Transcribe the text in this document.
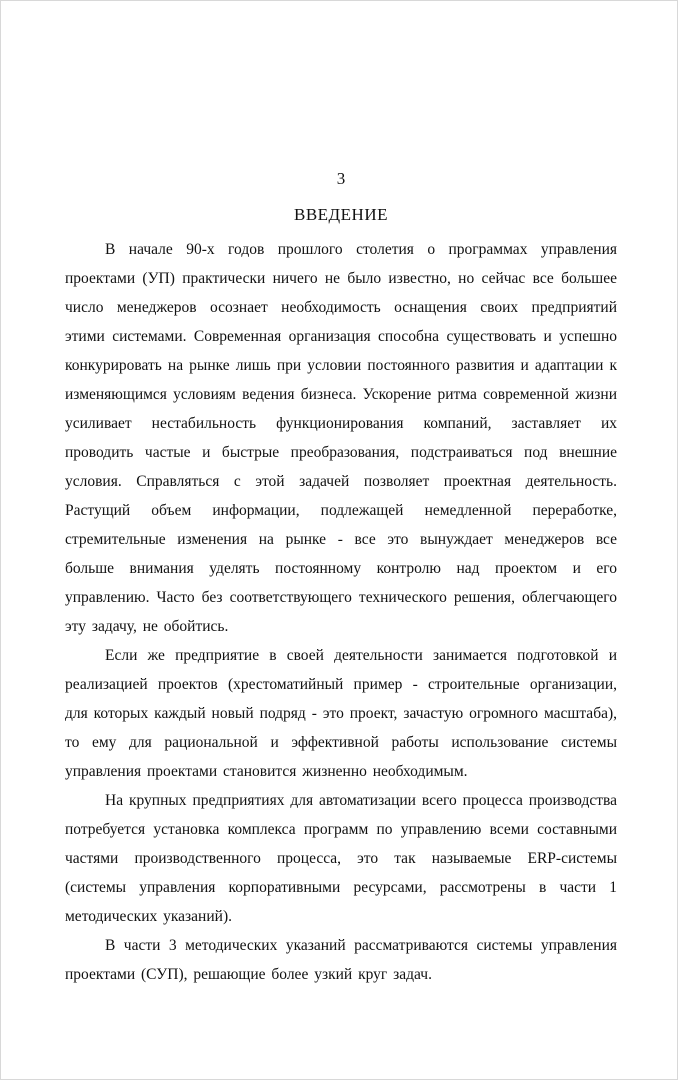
3
ВВЕДЕНИЕ

В начале 90-х годов прошлого столетия о программах управления проектами (УП) практически ничего не было известно, но сейчас все большее число менеджеров осознает необходимость оснащения своих предприятий этими системами. Современная организация способна существовать и успешно конкурировать на рынке лишь при условии постоянного развития и адаптации к изменяющимся условиям ведения бизнеса. Ускорение ритма современной жизни усиливает нестабильность функционирования компаний, заставляет их проводить частые и быстрые преобразования, подстраиваться под внешние условия. Справляться с этой задачей позволяет проектная деятельность. Растущий объем информации, подлежащей немедленной переработке, стремительные изменения на рынке - все это вынуждает менеджеров все больше внимания уделять постоянному контролю над проектом и его управлению. Часто без соответствующего технического решения, облегчающего эту задачу, не обойтись.

Если же предприятие в своей деятельности занимается подготовкой и реализацией проектов (хрестоматийный пример - строительные организации, для которых каждый новый подряд - это проект, зачастую огромного масштаба), то ему для рациональной и эффективной работы использование системы управления проектами становится жизненно необходимым.

На крупных предприятиях для автоматизации всего процесса производства потребуется установка комплекса программ по управлению всеми составными частями производственного процесса, это так называемые ERP-системы (системы управления корпоративными ресурсами, рассмотрены в части 1 методических указаний).

В части 3 методических указаний рассматриваются системы управления проектами (СУП), решающие более узкий круг задач.
